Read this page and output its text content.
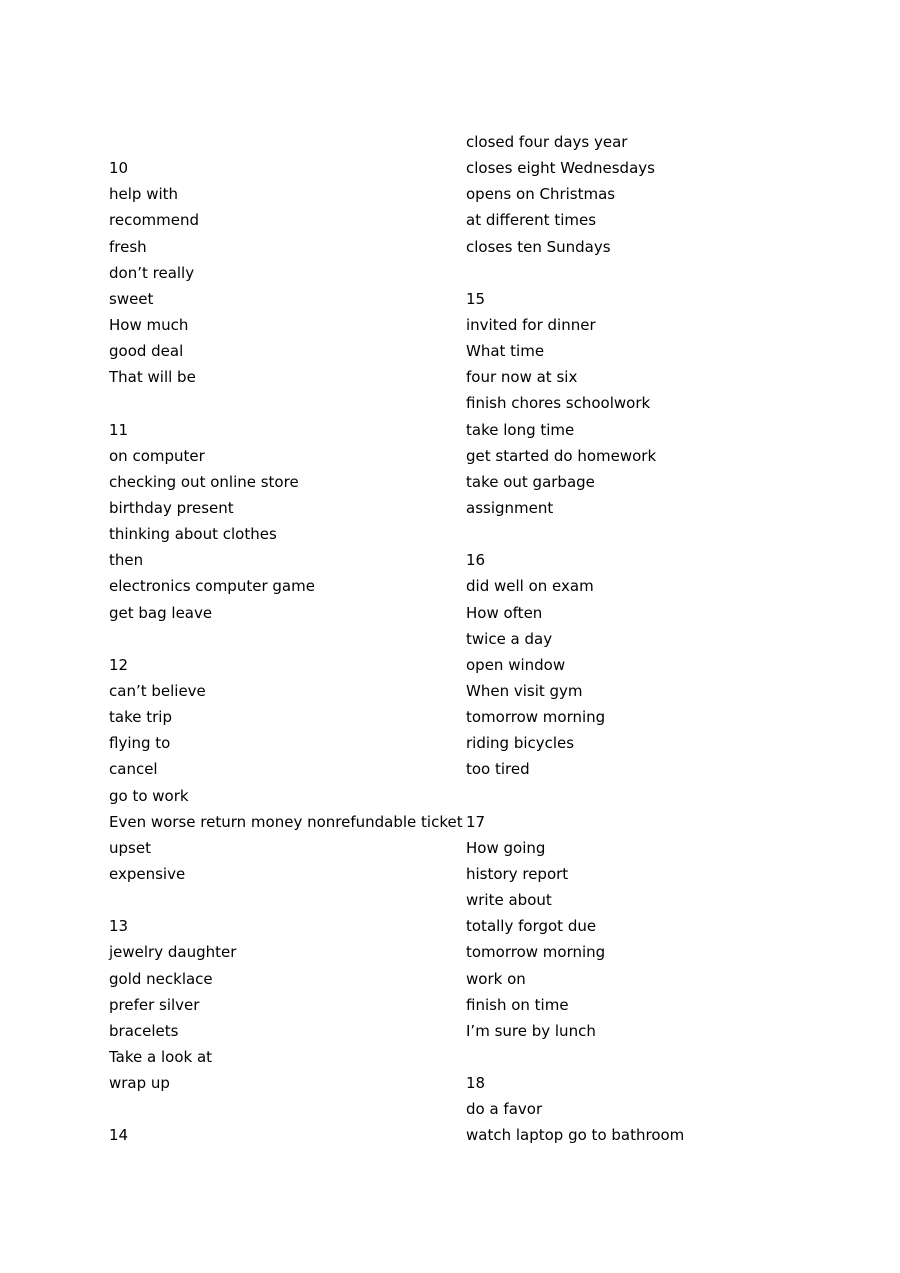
10
help with
recommend
fresh
don’t really
sweet
How much
good deal
That will be
11
on computer
checking out online store
birthday present
thinking about clothes
then
electronics computer game
get bag leave
12
can’t believe
take trip
flying to
cancel
go to work
Even worse return money nonrefundable ticket
upset
expensive
13
jewelry daughter
gold necklace
prefer silver
bracelets
Take a look at
wrap up
14
closed four days year
closes eight Wednesdays
opens on Christmas
at different times
closes ten Sundays
15
invited for dinner
What time
four now at six
finish chores schoolwork
take long time
get started do homework
take out garbage
assignment
16
did well on exam
How often
twice a day
open window
When visit gym
tomorrow morning
riding bicycles
too tired
17
How going
history report
write about
totally forgot due
tomorrow morning
work on
finish on time
I’m sure by lunch
18
do a favor
watch laptop go to bathroom
